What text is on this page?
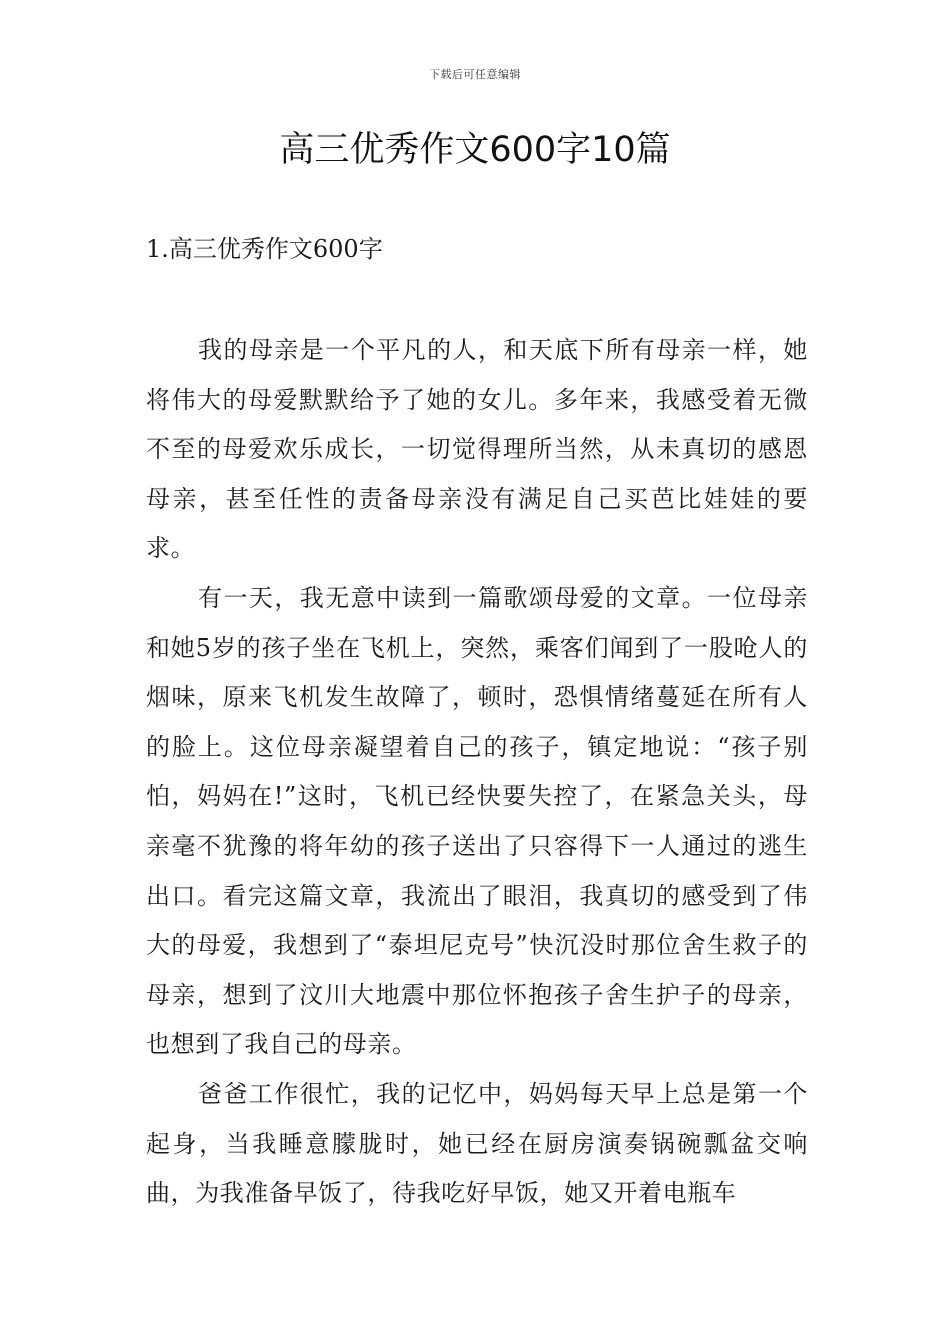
下载后可任意编辑
高三优秀作文600字10篇
1.高三优秀作文600字

我的母亲是一个平凡的人，和天底下所有母亲一样，她将伟大的母爱默默给予了她的女儿。多年来，我感受着无微不至的母爱欢乐成长，一切觉得理所当然，从未真切的感恩母亲，甚至任性的责备母亲没有满足自己买芭比娃娃的要求。

有一天，我无意中读到一篇歌颂母爱的文章。一位母亲和她5岁的孩子坐在飞机上，突然，乘客们闻到了一股呛人的烟味，原来飞机发生故障了，顿时，恐惧情绪蔓延在所有人的脸上。这位母亲凝望着自己的孩子，镇定地说：“孩子别怕，妈妈在!”这时，飞机已经快要失控了，在紧急关头，母亲毫不犹豫的将年幼的孩子送出了只容得下一人通过的逃生出口。看完这篇文章，我流出了眼泪，我真切的感受到了伟大的母爱，我想到了“泰坦尼克号”快沉没时那位舍生救子的母亲，想到了汶川大地震中那位怀抱孩子舍生护子的母亲，也想到了我自己的母亲。

爸爸工作很忙，我的记忆中，妈妈每天早上总是第一个起身，当我睡意朦胧时，她已经在厨房演奏锅碗瓢盆交响曲，为我准备早饭了，待我吃好早饭，她又开着电瓶车
